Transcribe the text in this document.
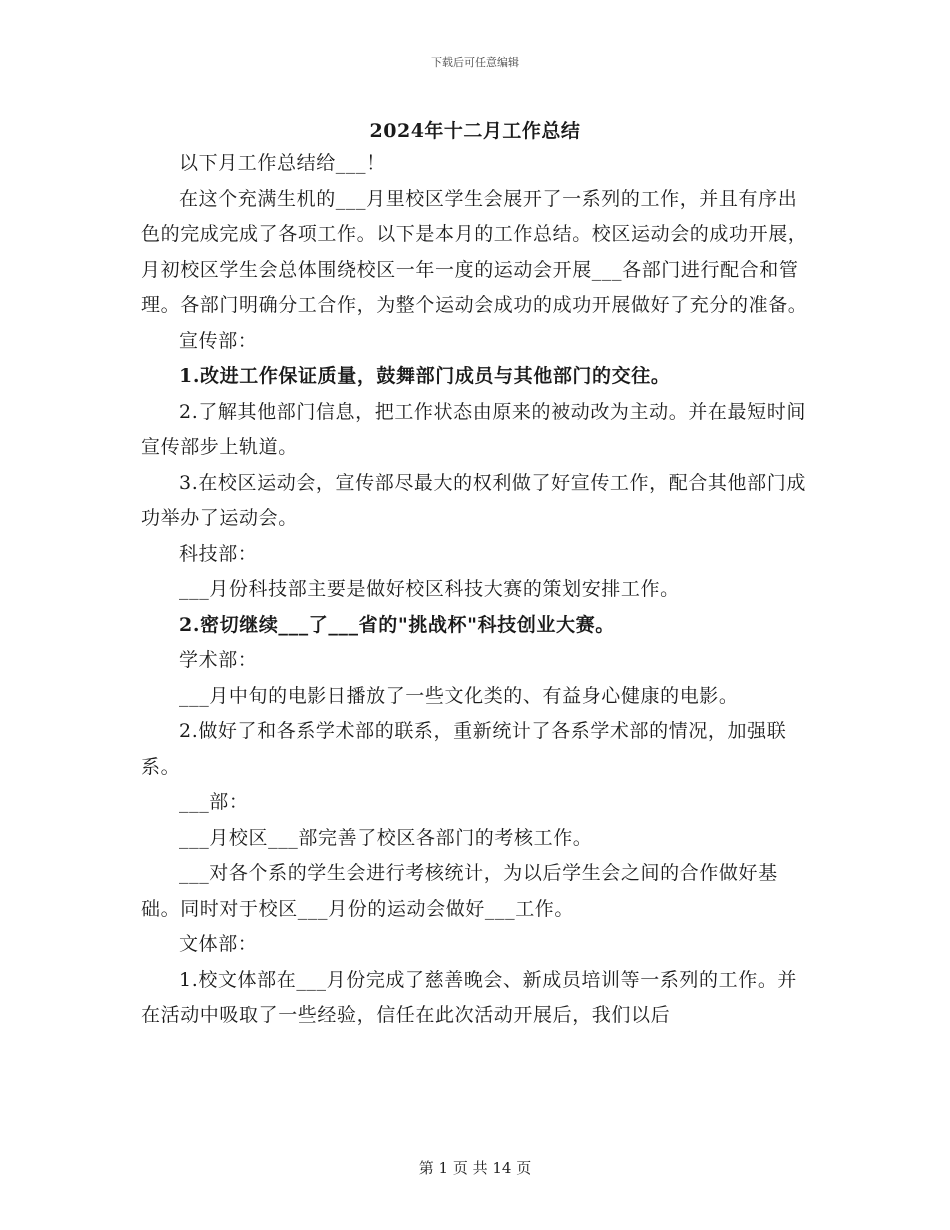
下载后可任意编辑
2024年十二月工作总结

以下月工作总结给___！

在这个充满生机的___月里校区学生会展开了一系列的工作，并且有序出色的完成完成了各项工作。以下是本月的工作总结。校区运动会的成功开展，月初校区学生会总体围绕校区一年一度的运动会开展___各部门进行配合和管理。各部门明确分工合作，为整个运动会成功的成功开展做好了充分的准备。

宣传部：

1.改进工作保证质量，鼓舞部门成员与其他部门的交往。

2.了解其他部门信息，把工作状态由原来的被动改为主动。并在最短时间宣传部步上轨道。

3.在校区运动会，宣传部尽最大的权利做了好宣传工作，配合其他部门成功举办了运动会。

科技部：

___月份科技部主要是做好校区科技大赛的策划安排工作。

2.密切继续___了___省的"挑战杯"科技创业大赛。

学术部：

___月中旬的电影日播放了一些文化类的、有益身心健康的电影。

2.做好了和各系学术部的联系，重新统计了各系学术部的情况，加强联系。

___部：

___月校区___部完善了校区各部门的考核工作。

___对各个系的学生会进行考核统计，为以后学生会之间的合作做好基础。同时对于校区___月份的运动会做好___工作。

文体部：

1.校文体部在___月份完成了慈善晚会、新成员培训等一系列的工作。并在活动中吸取了一些经验，信任在此次活动开展后，我们以后

第 1 页 共 14 页
